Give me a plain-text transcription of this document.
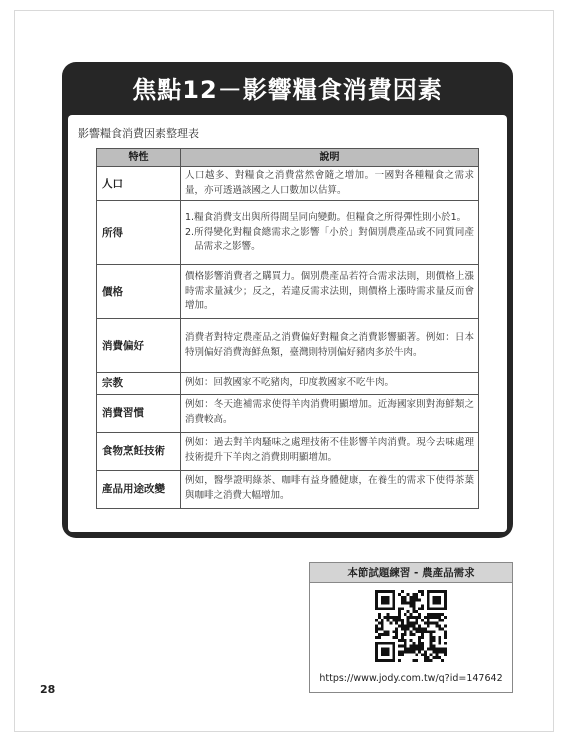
焦點12－影響糧食消費因素
影響糧食消費因素整理表
特性	說明
人口	人口越多、對糧食之消費當然會隨之增加。一國對各種糧食之需求量，亦可透過該國之人口數加以估算。
所得	1. 糧食消費支出與所得間呈同向變動。但糧食之所得彈性則小於1。
2. 所得變化對糧食總需求之影響「小於」對個別農產品或不同質同產品需求之影響。

價格	價格影響消費者之購買力。個別農產品若符合需求法則，則價格上漲時需求量減少；反之，若違反需求法則，則價格上漲時需求量反而會增加。
消費偏好	消費者對特定農產品之消費偏好對糧食之消費影響顯著。例如：日本特別偏好消費海鮮魚類，臺灣則特別偏好豬肉多於牛肉。
宗教	例如：回教國家不吃豬肉，印度教國家不吃牛肉。
消費習慣	例如：冬天進補需求使得羊肉消費明顯增加。近海國家則對海鮮類之消費較高。
食物烹飪技術	例如：過去對羊肉騷味之處理技術不佳影響羊肉消費。現今去味處理技術提升下羊肉之消費則明顯增加。
產品用途改變	例如，醫學證明綠茶、咖啡有益身體健康，在養生的需求下使得茶葉與咖啡之消費大幅增加。
本節試題練習 - 農產品需求
https://www.jody.com.tw/q?id=147642
28
